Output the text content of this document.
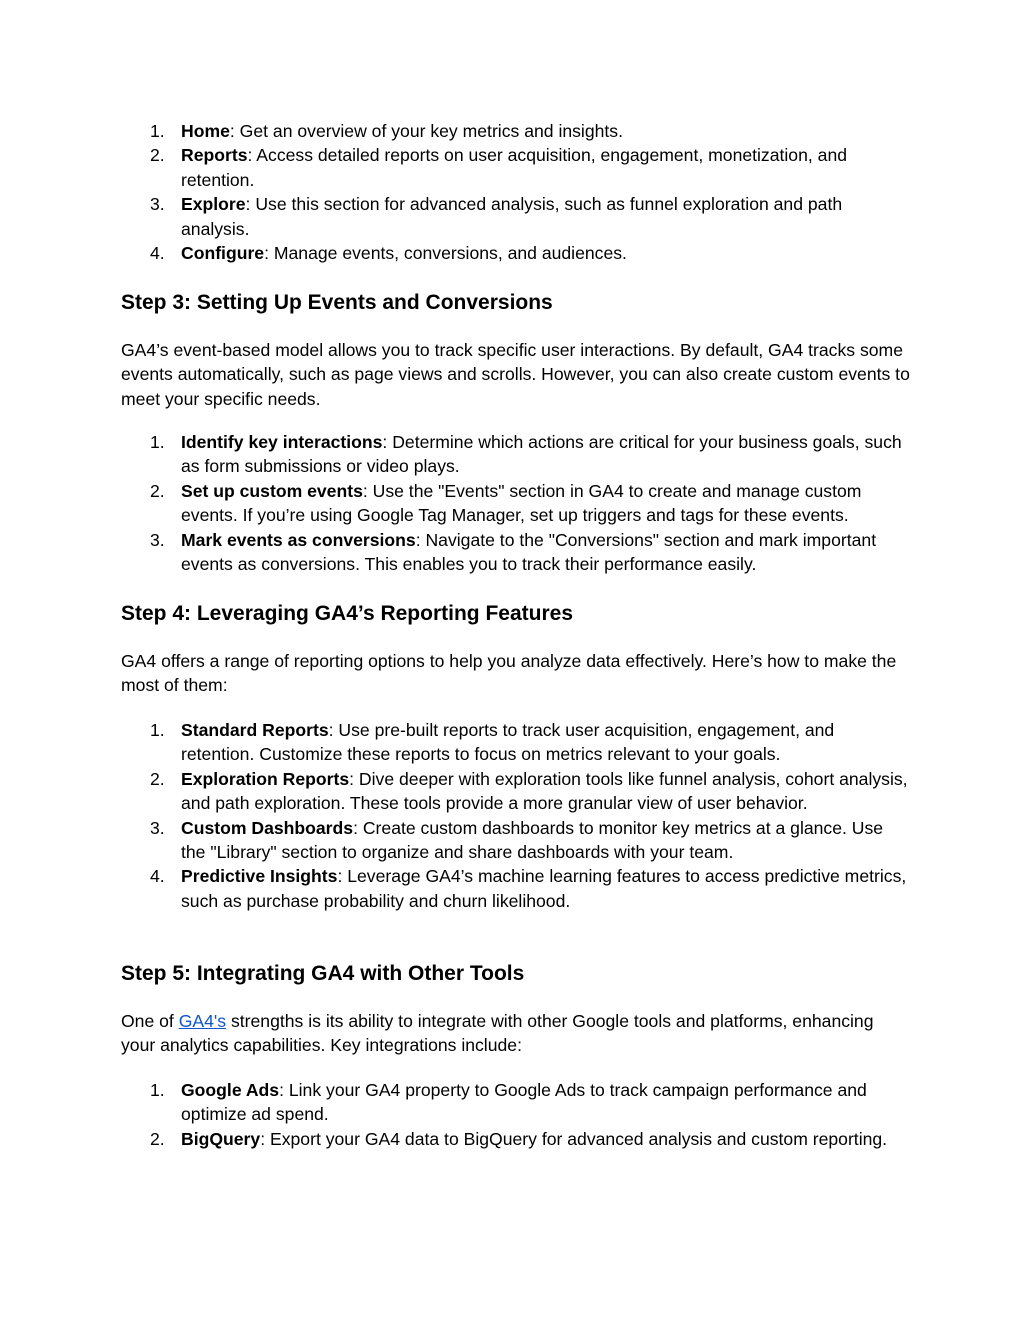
1. Home: Get an overview of your key metrics and insights.
2. Reports: Access detailed reports on user acquisition, engagement, monetization, and retention.
3. Explore: Use this section for advanced analysis, such as funnel exploration and path analysis.
4. Configure: Manage events, conversions, and audiences.
Step 3: Setting Up Events and Conversions

GA4’s event-based model allows you to track specific user interactions. By default, GA4 tracks some events automatically, such as page views and scrolls. However, you can also create custom events to meet your specific needs.

1. Identify key interactions: Determine which actions are critical for your business goals, such as form submissions or video plays.
2. Set up custom events: Use the "Events" section in GA4 to create and manage custom events. If you’re using Google Tag Manager, set up triggers and tags for these events.
3. Mark events as conversions: Navigate to the "Conversions" section and mark important events as conversions. This enables you to track their performance easily.
Step 4: Leveraging GA4’s Reporting Features

GA4 offers a range of reporting options to help you analyze data effectively. Here’s how to make the most of them:

1. Standard Reports: Use pre-built reports to track user acquisition, engagement, and retention. Customize these reports to focus on metrics relevant to your goals.
2. Exploration Reports: Dive deeper with exploration tools like funnel analysis, cohort analysis, and path exploration. These tools provide a more granular view of user behavior.
3. Custom Dashboards: Create custom dashboards to monitor key metrics at a glance. Use the "Library" section to organize and share dashboards with your team.
4. Predictive Insights: Leverage GA4’s machine learning features to access predictive metrics, such as purchase probability and churn likelihood.
Step 5: Integrating GA4 with Other Tools

One of GA4's strengths is its ability to integrate with other Google tools and platforms, enhancing your analytics capabilities. Key integrations include:

1. Google Ads: Link your GA4 property to Google Ads to track campaign performance and optimize ad spend.
2. BigQuery: Export your GA4 data to BigQuery for advanced analysis and custom reporting.
